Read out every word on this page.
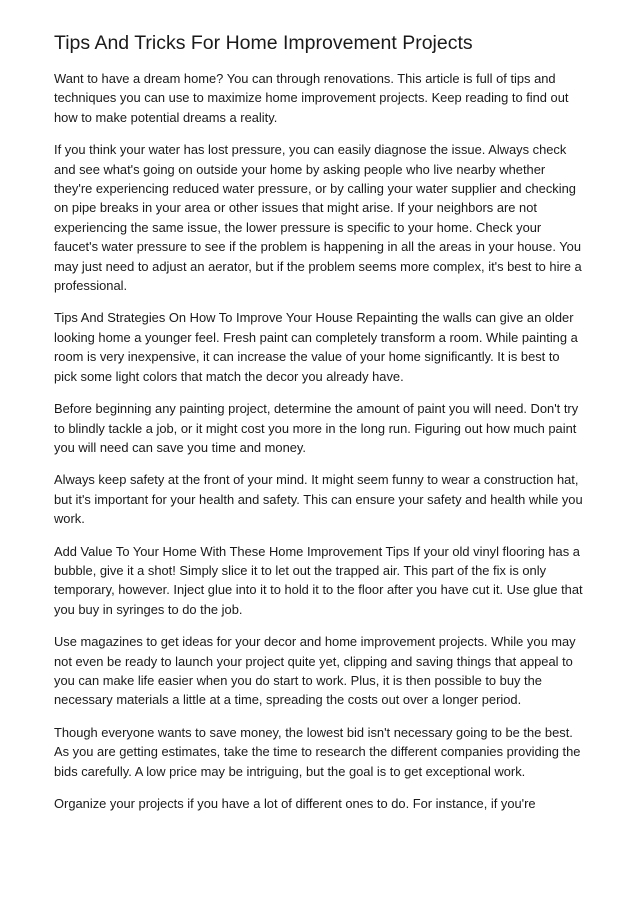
Tips And Tricks For Home Improvement Projects

Want to have a dream home? You can through renovations. This article is full of tips and techniques you can use to maximize home improvement projects. Keep reading to find out how to make potential dreams a reality.

If you think your water has lost pressure, you can easily diagnose the issue. Always check and see what's going on outside your home by asking people who live nearby whether they're experiencing reduced water pressure, or by calling your water supplier and checking on pipe breaks in your area or other issues that might arise. If your neighbors are not experiencing the same issue, the lower pressure is specific to your home. Check your faucet's water pressure to see if the problem is happening in all the areas in your house. You may just need to adjust an aerator, but if the problem seems more complex, it's best to hire a professional.

Tips And Strategies On How To Improve Your House Repainting the walls can give an older looking home a younger feel. Fresh paint can completely transform a room. While painting a room is very inexpensive, it can increase the value of your home significantly. It is best to pick some light colors that match the decor you already have.

Before beginning any painting project, determine the amount of paint you will need. Don't try to blindly tackle a job, or it might cost you more in the long run. Figuring out how much paint you will need can save you time and money.

Always keep safety at the front of your mind. It might seem funny to wear a construction hat, but it's important for your health and safety. This can ensure your safety and health while you work.

Add Value To Your Home With These Home Improvement Tips If your old vinyl flooring has a bubble, give it a shot! Simply slice it to let out the trapped air. This part of the fix is only temporary, however. Inject glue into it to hold it to the floor after you have cut it. Use glue that you buy in syringes to do the job.

Use magazines to get ideas for your decor and home improvement projects. While you may not even be ready to launch your project quite yet, clipping and saving things that appeal to you can make life easier when you do start to work. Plus, it is then possible to buy the necessary materials a little at a time, spreading the costs out over a longer period.

Though everyone wants to save money, the lowest bid isn't necessary going to be the best. As you are getting estimates, take the time to research the different companies providing the bids carefully. A low price may be intriguing, but the goal is to get exceptional work.

Organize your projects if you have a lot of different ones to do. For instance, if you're
